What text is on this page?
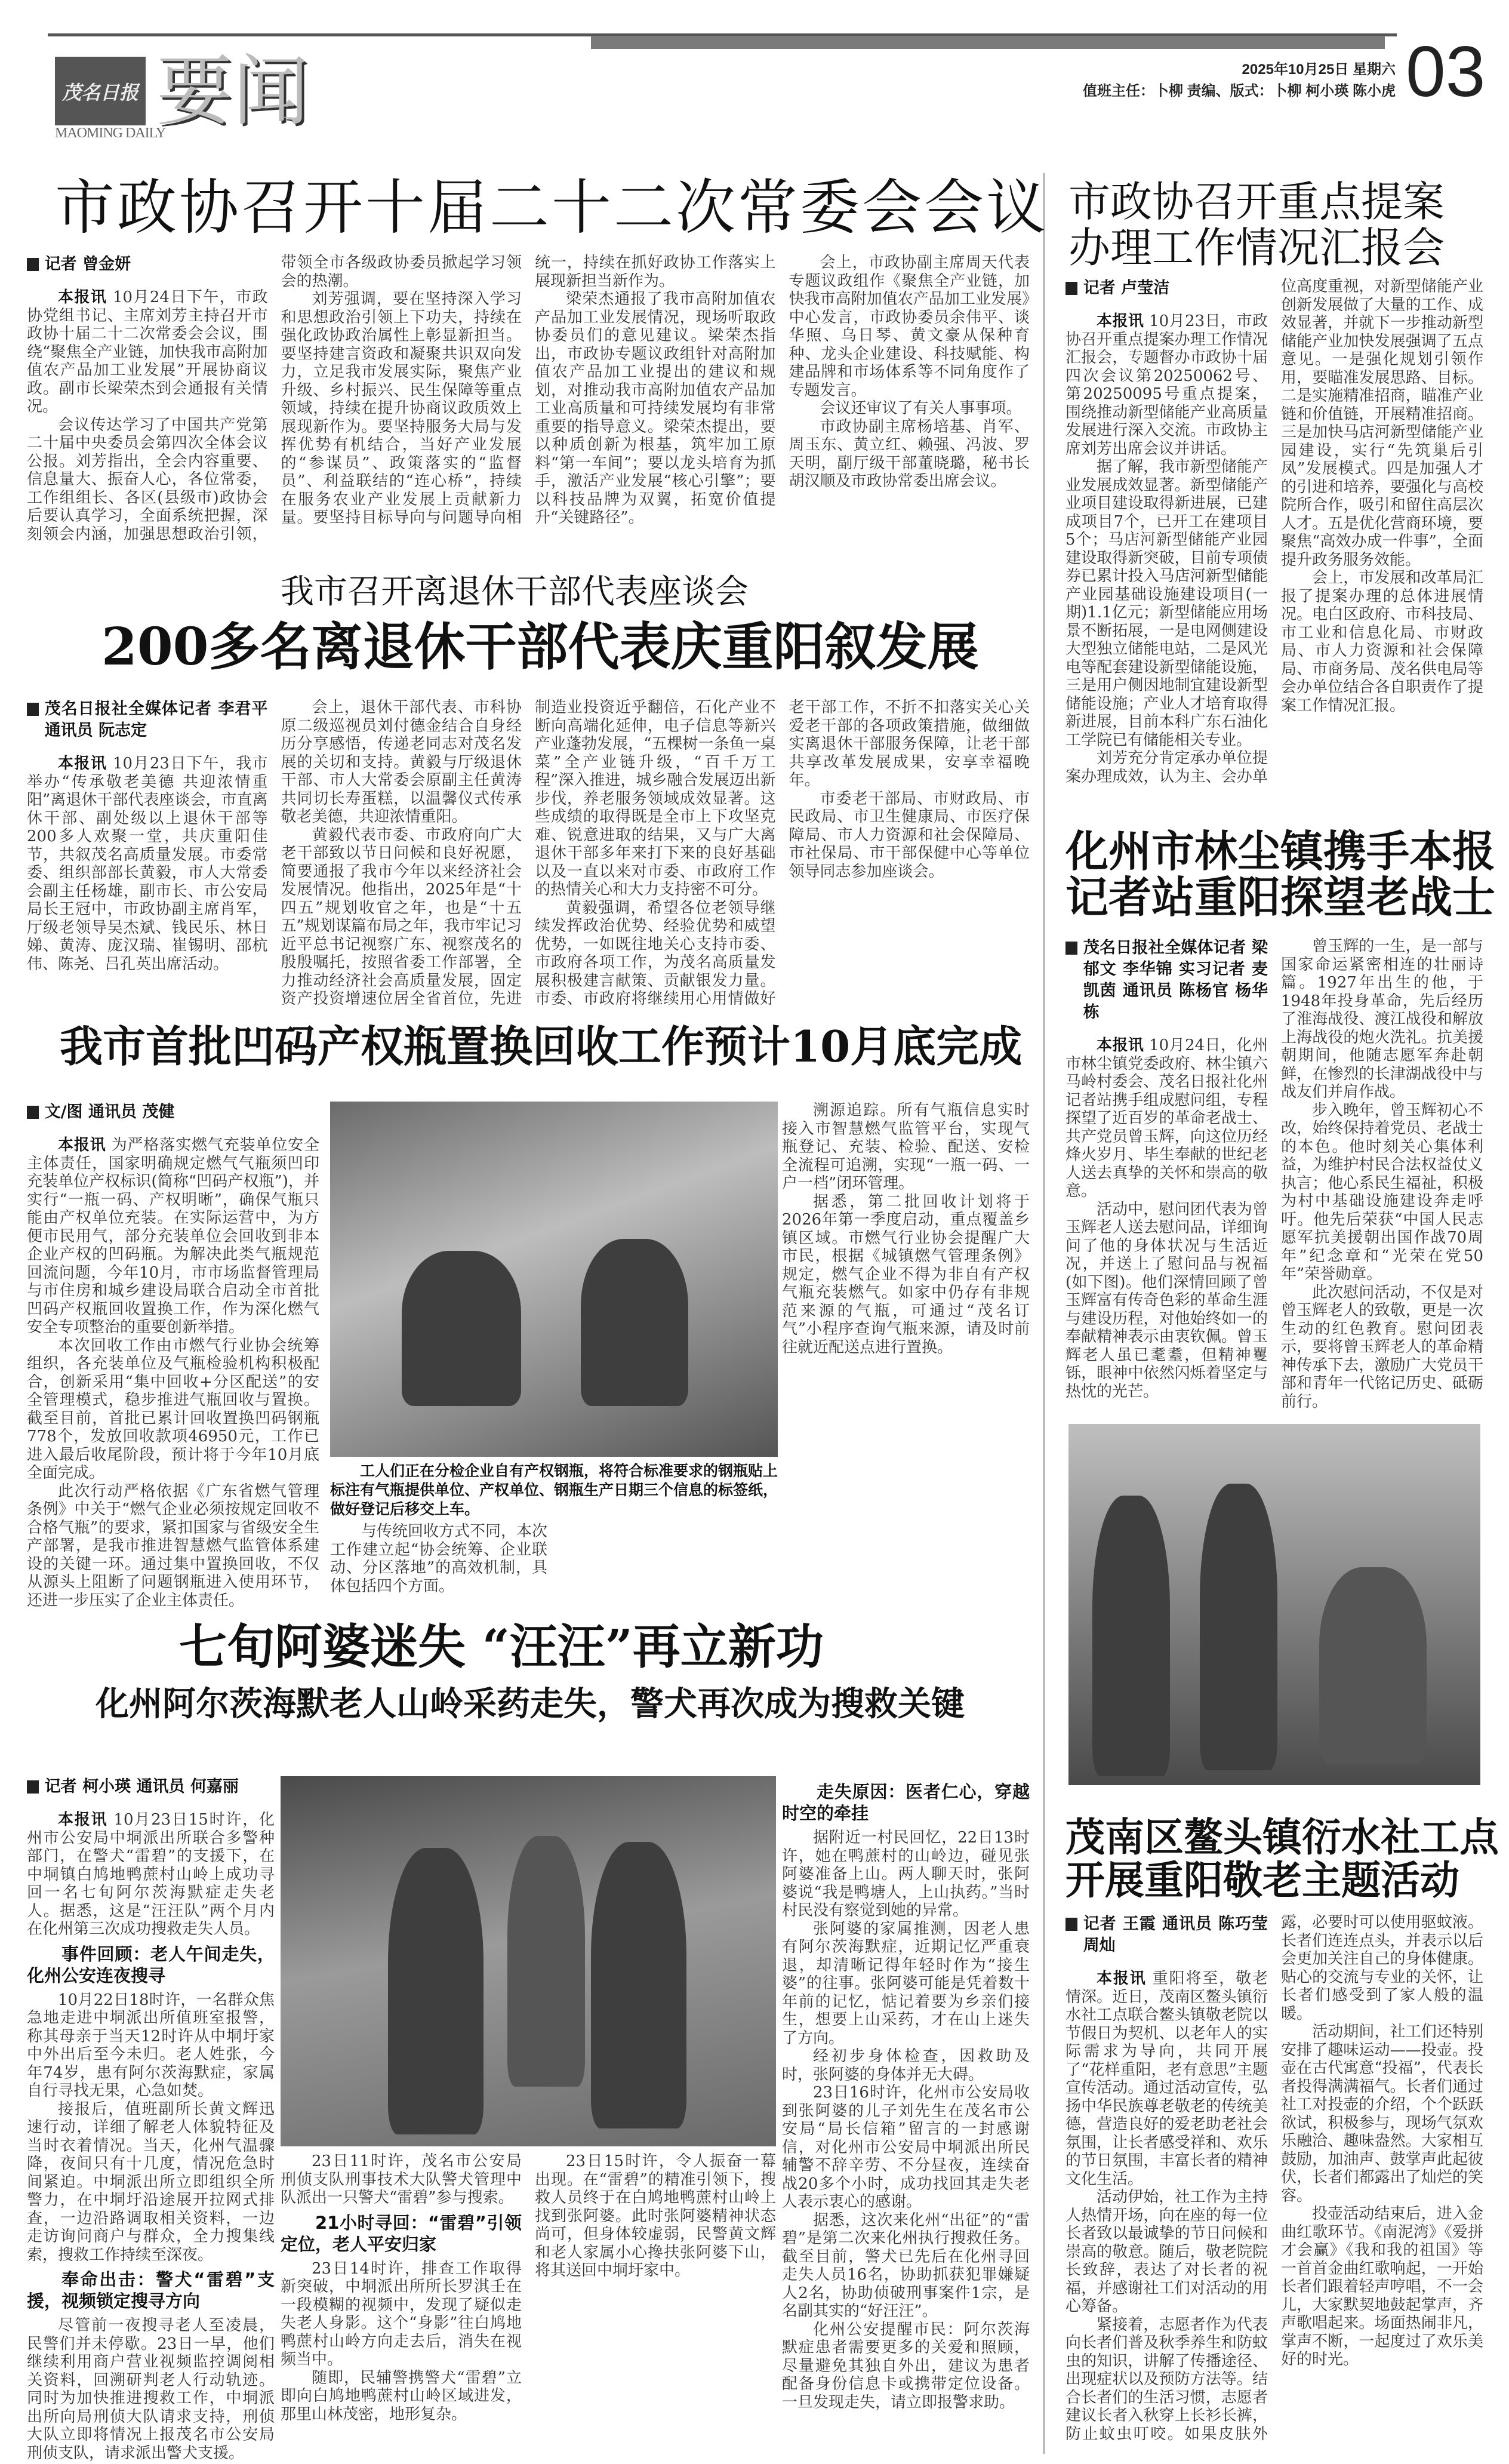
茂名日报
MAOMING DAILY
要闻	2025年10月25日 星期六
值班主任：卜柳 责编、版式：卜柳 柯小瑛 陈小虎 03
市政协召开十届二十二次常委会会议
记者 曾金妍

本报讯 10月24日下午，市政协党组书记、主席刘芳主持召开市政协十届二十二次常委会会议，围绕“聚焦全产业链，加快我市高附加值农产品加工业发展”开展协商议政。副市长梁荣杰到会通报有关情况。

会议传达学习了中国共产党第二十届中央委员会第四次全体会议公报。刘芳指出，全会内容重要、信息量大、振奋人心，各位常委，工作组组长、各区(县级市)政协会后要认真学习，全面系统把握，深刻领会内涵，加强思想政治引领，带领全市各级政协委员掀起学习领会的热潮。

刘芳强调，要在坚持深入学习和思想政治引领上下功夫，持续在强化政协政治属性上彰显新担当。要坚持建言资政和凝聚共识双向发力，立足我市发展实际，聚焦产业升级、乡村振兴、民生保障等重点领域，持续在提升协商议政质效上展现新作为。要坚持服务大局与发挥优势有机结合，当好产业发展的“参谋员”、政策落实的“监督员”、利益联结的“连心桥”，持续在服务农业产业发展上贡献新力量。要坚持目标导向与问题导向相统一，持续在抓好政协工作落实上展现新担当新作为。

梁荣杰通报了我市高附加值农产品加工业发展情况，现场听取政协委员们的意见建议。梁荣杰指出，市政协专题议政组针对高附加值农产品加工业提出的建议和规划，对推动我市高附加值农产品加工业高质量和可持续发展均有非常重要的指导意义。梁荣杰提出，要以种质创新为根基，筑牢加工原料“第一车间”；要以龙头培育为抓手，激活产业发展“核心引擎”；要以科技品牌为双翼，拓宽价值提升“关键路径”。

会上，市政协副主席周天代表专题议政组作《聚焦全产业链，加快我市高附加值农产品加工业发展》中心发言，市政协委员余伟平、谈华照、乌日琴、黄文豪从保种育种、龙头企业建设、科技赋能、构建品牌和市场体系等不同角度作了专题发言。

会议还审议了有关人事事项。

市政协副主席杨培基、肖军、周玉东、黄立红、赖强、冯波、罗天明，副厅级干部董晓璐，秘书长胡汉顺及市政协常委出席会议。

我市召开离退休干部代表座谈会
200多名离退休干部代表庆重阳叙发展
茂名日报社全媒体记者 李君平 通讯员 阮志定

本报讯 10月23日下午，我市举办“传承敬老美德 共迎浓情重阳”离退休干部代表座谈会，市直离休干部、副处级以上退休干部等200多人欢聚一堂，共庆重阳佳节，共叙茂名高质量发展。市委常委、组织部部长黄毅，市人大常委会副主任杨雄，副市长、市公安局局长王冠中，市政协副主席肖军，厅级老领导吴杰斌、钱民乐、林日娣、黄涛、庞汉瑞、崔锡明、邵杭伟、陈尧、吕孔英出席活动。

会上，退休干部代表、市科协原二级巡视员刘付德金结合自身经历分享感悟，传递老同志对茂名发展的关切和支持。黄毅与厅级退休干部、市人大常委会原副主任黄涛共同切长寿蛋糕，以温馨仪式传承敬老美德，共迎浓情重阳。

黄毅代表市委、市政府向广大老干部致以节日问候和良好祝愿，简要通报了我市今年以来经济社会发展情况。他指出，2025年是“十四五”规划收官之年，也是“十五五”规划谋篇布局之年，我市牢记习近平总书记视察广东、视察茂名的殷殷嘱托，按照省委工作部署，全力推动经济社会高质量发展，固定资产投资增速位居全省首位，先进制造业投资近乎翻倍，石化产业不断向高端化延伸，电子信息等新兴产业蓬勃发展，“五棵树一条鱼一桌菜”全产业链升级，“百千万工程”深入推进，城乡融合发展迈出新步伐，养老服务领域成效显著。这些成绩的取得既是全市上下攻坚克难、锐意进取的结果，又与广大离退休干部多年来打下来的良好基础以及一直以来对市委、市政府工作的热情关心和大力支持密不可分。

黄毅强调，希望各位老领导继续发挥政治优势、经验优势和威望优势，一如既往地关心支持市委、市政府各项工作，为茂名高质量发展积极建言献策、贡献银发力量。市委、市政府将继续用心用情做好老干部工作，不折不扣落实关心关爱老干部的各项政策措施，做细做实离退休干部服务保障，让老干部共享改革发展成果，安享幸福晚年。

市委老干部局、市财政局、市民政局、市卫生健康局、市医疗保障局、市人力资源和社会保障局、市社保局、市干部保健中心等单位领导同志参加座谈会。

我市首批凹码产权瓶置换回收工作预计10月底完成
文/图 通讯员 茂健

本报讯 为严格落实燃气充装单位安全主体责任，国家明确规定燃气气瓶须凹印充装单位产权标识(简称“凹码产权瓶”)，并实行“一瓶一码、产权明晰”，确保气瓶只能由产权单位充装。在实际运营中，为方便市民用气，部分充装单位会回收到非本企业产权的凹码瓶。为解决此类气瓶规范回流问题，今年10月，市市场监督管理局与市住房和城乡建设局联合启动全市首批凹码产权瓶回收置换工作，作为深化燃气安全专项整治的重要创新举措。

本次回收工作由市燃气行业协会统筹组织，各充装单位及气瓶检验机构积极配合，创新采用“集中回收+分区配送”的安全管理模式，稳步推进气瓶回收与置换。截至目前，首批已累计回收置换凹码钢瓶778个，发放回收款项46950元，工作已进入最后收尾阶段，预计将于今年10月底全面完成。

此次行动严格依据《广东省燃气管理条例》中关于“燃气企业必须按规定回收不合格气瓶”的要求，紧扣国家与省级安全生产部署，是我市推进智慧燃气监管体系建设的关键一环。通过集中置换回收，不仅从源头上阻断了问题钢瓶进入使用环节，还进一步压实了企业主体责任。

工人们正在分检企业自有产权钢瓶，将符合标准要求的钢瓶贴上标注有气瓶提供单位、产权单位、钢瓶生产日期三个信息的标签纸，做好登记后移交上车。

与传统回收方式不同，本次工作建立起“协会统筹、企业联动、分区落地”的高效机制，具体包括四个方面。

溯源追踪。所有气瓶信息实时接入市智慧燃气监管平台，实现气瓶登记、充装、检验、配送、安检全流程可追溯，实现“一瓶一码、一户一档”闭环管理。

据悉，第二批回收计划将于2026年第一季度启动，重点覆盖乡镇区域。市燃气行业协会提醒广大市民，根据《城镇燃气管理条例》规定，燃气企业不得为非自有产权气瓶充装燃气。如家中仍存有非规范来源的气瓶，可通过“茂名订气”小程序查询气瓶来源，请及时前往就近配送点进行置换。

七旬阿婆迷失 “汪汪”再立新功
化州阿尔茨海默老人山岭采药走失，警犬再次成为搜救关键
记者 柯小瑛 通讯员 何嘉丽

本报讯 10月23日15时许，化州市公安局中垌派出所联合多警种部门，在警犬“雷碧”的支援下，在中垌镇白鸠地鸭蔗村山岭上成功寻回一名七旬阿尔茨海默症走失老人。据悉，这是“汪汪队”两个月内在化州第三次成功搜救走失人员。

事件回顾：老人午间走失，化州公安连夜搜寻

10月22日18时许，一名群众焦急地走进中垌派出所值班室报警，称其母亲于当天12时许从中垌圩家中外出后至今未归。老人姓张，今年74岁，患有阿尔茨海默症，家属自行寻找无果，心急如焚。

接报后，值班副所长黄文辉迅速行动，详细了解老人体貌特征及当时衣着情况。当天，化州气温骤降，夜间只有十几度，情况危急时间紧迫。中垌派出所立即组织全所警力，在中垌圩沿途展开拉网式排查，一边沿路调取相关资料，一边走访询问商户与群众，全力搜集线索，搜救工作持续至深夜。

奉命出击：警犬“雷碧”支援，视频锁定搜寻方向

尽管前一夜搜寻老人至凌晨，民警们并未停歇。23日一早，他们继续利用商户营业视频监控调阅相关资料，回溯研判老人行动轨迹。同时为加快推进搜救工作，中垌派出所向局刑侦大队请求支持，刑侦大队立即将情况上报茂名市公安局刑侦支队，请求派出警犬支援。

23日11时许，茂名市公安局刑侦支队刑事技术大队警犬管理中队派出一只警犬“雷碧”参与搜索。

21小时寻回：“雷碧”引领定位，老人平安归家

23日14时许，排查工作取得新突破，中垌派出所所长罗淇壬在一段模糊的视频中，发现了疑似走失老人身影。这个“身影”往白鸠地鸭蔗村山岭方向走去后，消失在视频当中。

随即，民辅警携警犬“雷碧”立即向白鸠地鸭蔗村山岭区域进发，那里山林茂密，地形复杂。

23日15时许，令人振奋一幕出现。在“雷碧”的精准引领下，搜救人员终于在白鸠地鸭蔗村山岭上找到张阿婆。此时张阿婆精神状态尚可，但身体较虚弱，民警黄文辉和老人家属小心搀扶张阿婆下山，将其送回中垌圩家中。

走失原因：医者仁心，穿越时空的牵挂

据附近一村民回忆，22日13时许，她在鸭蔗村的山岭边，碰见张阿婆准备上山。两人聊天时，张阿婆说“我是鸭塘人，上山执药。”当时村民没有察觉到她的异常。

张阿婆的家属推测，因老人患有阿尔茨海默症，近期记忆严重衰退，却清晰记得年轻时作为“接生婆”的往事。张阿婆可能是凭着数十年前的记忆，惦记着要为乡亲们接生，想要上山采药，才在山上迷失了方向。

经初步身体检查，因救助及时，张阿婆的身体并无大碍。

23日16时许，化州市公安局收到张阿婆的儿子刘先生在茂名市公安局“局长信箱”留言的一封感谢信，对化州市公安局中垌派出所民辅警不辞辛劳、不分昼夜，连续奋战20多个小时，成功找回其走失老人表示衷心的感谢。

据悉，这次来化州“出征”的“雷碧”是第二次来化州执行搜救任务。截至目前，警犬已先后在化州寻回走失人员16名，协助抓获犯罪嫌疑人2名，协助侦破刑事案件1宗，是名副其实的“好汪汪”。

化州公安提醒市民：阿尔茨海默症患者需要更多的关爱和照顾，尽量避免其独自外出，建议为患者配备身份信息卡或携带定位设备。一旦发现走失，请立即报警求助。

市政协召开重点提案
办理工作情况汇报会
记者 卢莹洁

本报讯 10月23日，市政协召开重点提案办理工作情况汇报会，专题督办市政协十届四次会议第20250062号、第20250095号重点提案，围绕推动新型储能产业高质量发展进行深入交流。市政协主席刘芳出席会议并讲话。

据了解，我市新型储能产业发展成效显著。新型储能产业项目建设取得新进展，已建成项目7个，已开工在建项目5个；马店河新型储能产业园建设取得新突破，目前专项债券已累计投入马店河新型储能产业园基础设施建设项目(一期)1.1亿元；新型储能应用场景不断拓展，一是电网侧建设大型独立储能电站，二是风光电等配套建设新型储能设施，三是用户侧因地制宜建设新型储能设施；产业人才培育取得新进展，目前本科广东石油化工学院已有储能相关专业。

刘芳充分肯定承办单位提案办理成效，认为主、会办单位高度重视，对新型储能产业创新发展做了大量的工作、成效显著，并就下一步推动新型储能产业加快发展强调了五点意见。一是强化规划引领作用，要瞄准发展思路、目标。二是实施精准招商，瞄准产业链和价值链，开展精准招商。三是加快马店河新型储能产业园建设，实行“先筑巢后引凤”发展模式。四是加强人才的引进和培养，要强化与高校院所合作，吸引和留住高层次人才。五是优化营商环境，要聚焦“高效办成一件事”，全面提升政务服务效能。

会上，市发展和改革局汇报了提案办理的总体进展情况。电白区政府、市科技局、市工业和信息化局、市财政局、市人力资源和社会保障局、市商务局、茂名供电局等会办单位结合各自职责作了提案工作情况汇报。

化州市林尘镇携手本报
记者站重阳探望老战士
茂名日报社全媒体记者 梁郁文 李华锦 实习记者 麦凯茵 通讯员 陈杨官 杨华栋

本报讯 10月24日，化州市林尘镇党委政府、林尘镇六马岭村委会、茂名日报社化州记者站携手组成慰问组，专程探望了近百岁的革命老战士、共产党员曾玉辉，向这位历经烽火岁月、毕生奉献的世纪老人送去真挚的关怀和崇高的敬意。

活动中，慰问团代表为曾玉辉老人送去慰问品，详细询问了他的身体状况与生活近况，并送上了慰问品与祝福(如下图)。他们深情回顾了曾玉辉富有传奇色彩的革命生涯与建设历程，对他始终如一的奉献精神表示由衷钦佩。曾玉辉老人虽已耄耋，但精神矍铄，眼神中依然闪烁着坚定与热忱的光芒。

曾玉辉的一生，是一部与国家命运紧密相连的壮丽诗篇。1927年出生的他，于1948年投身革命，先后经历了淮海战役、渡江战役和解放上海战役的炮火洗礼。抗美援朝期间，他随志愿军奔赴朝鲜，在惨烈的长津湖战役中与战友们并肩作战。

步入晚年，曾玉辉初心不改，始终保持着党员、老战士的本色。他时刻关心集体利益，为维护村民合法权益仗义执言；他心系民生福祉，积极为村中基础设施建设奔走呼吁。他先后荣获“中国人民志愿军抗美援朝出国作战70周年”纪念章和“光荣在党50年”荣誉勋章。

此次慰问活动，不仅是对曾玉辉老人的致敬，更是一次生动的红色教育。慰问团表示，要将曾玉辉老人的革命精神传承下去，激励广大党员干部和青年一代铭记历史、砥砺前行。

茂南区鳌头镇衍水社工点
开展重阳敬老主题活动
记者 王霞 通讯员 陈巧莹 周灿

本报讯 重阳将至，敬老情深。近日，茂南区鳌头镇衍水社工点联合鳌头镇敬老院以节假日为契机、以老年人的实际需求为导向，共同开展了“花样重阳，老有意思”主题宣传活动。通过活动宣传，弘扬中华民族尊老敬老的传统美德，营造良好的爱老助老社会氛围，让长者感受祥和、欢乐的节日氛围，丰富长者的精神文化生活。

活动伊始，社工作为主持人热情开场，向在座的每一位长者致以最诚挚的节日问候和崇高的敬意。随后，敬老院院长致辞，表达了对长者的祝福，并感谢社工们对活动的用心筹备。

紧接着，志愿者作为代表向长者们普及秋季养生和防蚊虫的知识，讲解了传播途径、出现症状以及预防方法等。结合长者们的生活习惯，志愿者建议长者入秋穿上长衫长裤，防止蚊虫叮咬。如果皮肤外露，必要时可以使用驱蚊液。长者们连连点头，并表示以后会更加关注自己的身体健康。贴心的交流与专业的关怀，让长者们感受到了家人般的温暖。

活动期间，社工们还特别安排了趣味运动——投壶。投壶在古代寓意“投福”，代表长者投得满满福气。长者们通过社工对投壶的介绍，个个跃跃欲试，积极参与，现场气氛欢乐融洽、趣味盎然。大家相互鼓励，加油声、鼓掌声此起彼伏，长者们都露出了灿烂的笑容。

投壶活动结束后，进入金曲红歌环节。《南泥湾》《爱拼才会赢》《我和我的祖国》等一首首金曲红歌响起，一开始长者们跟着轻声哼唱，不一会儿，大家默契地鼓起掌声，齐声歌唱起来。场面热闹非凡，掌声不断，一起度过了欢乐美好的时光。
